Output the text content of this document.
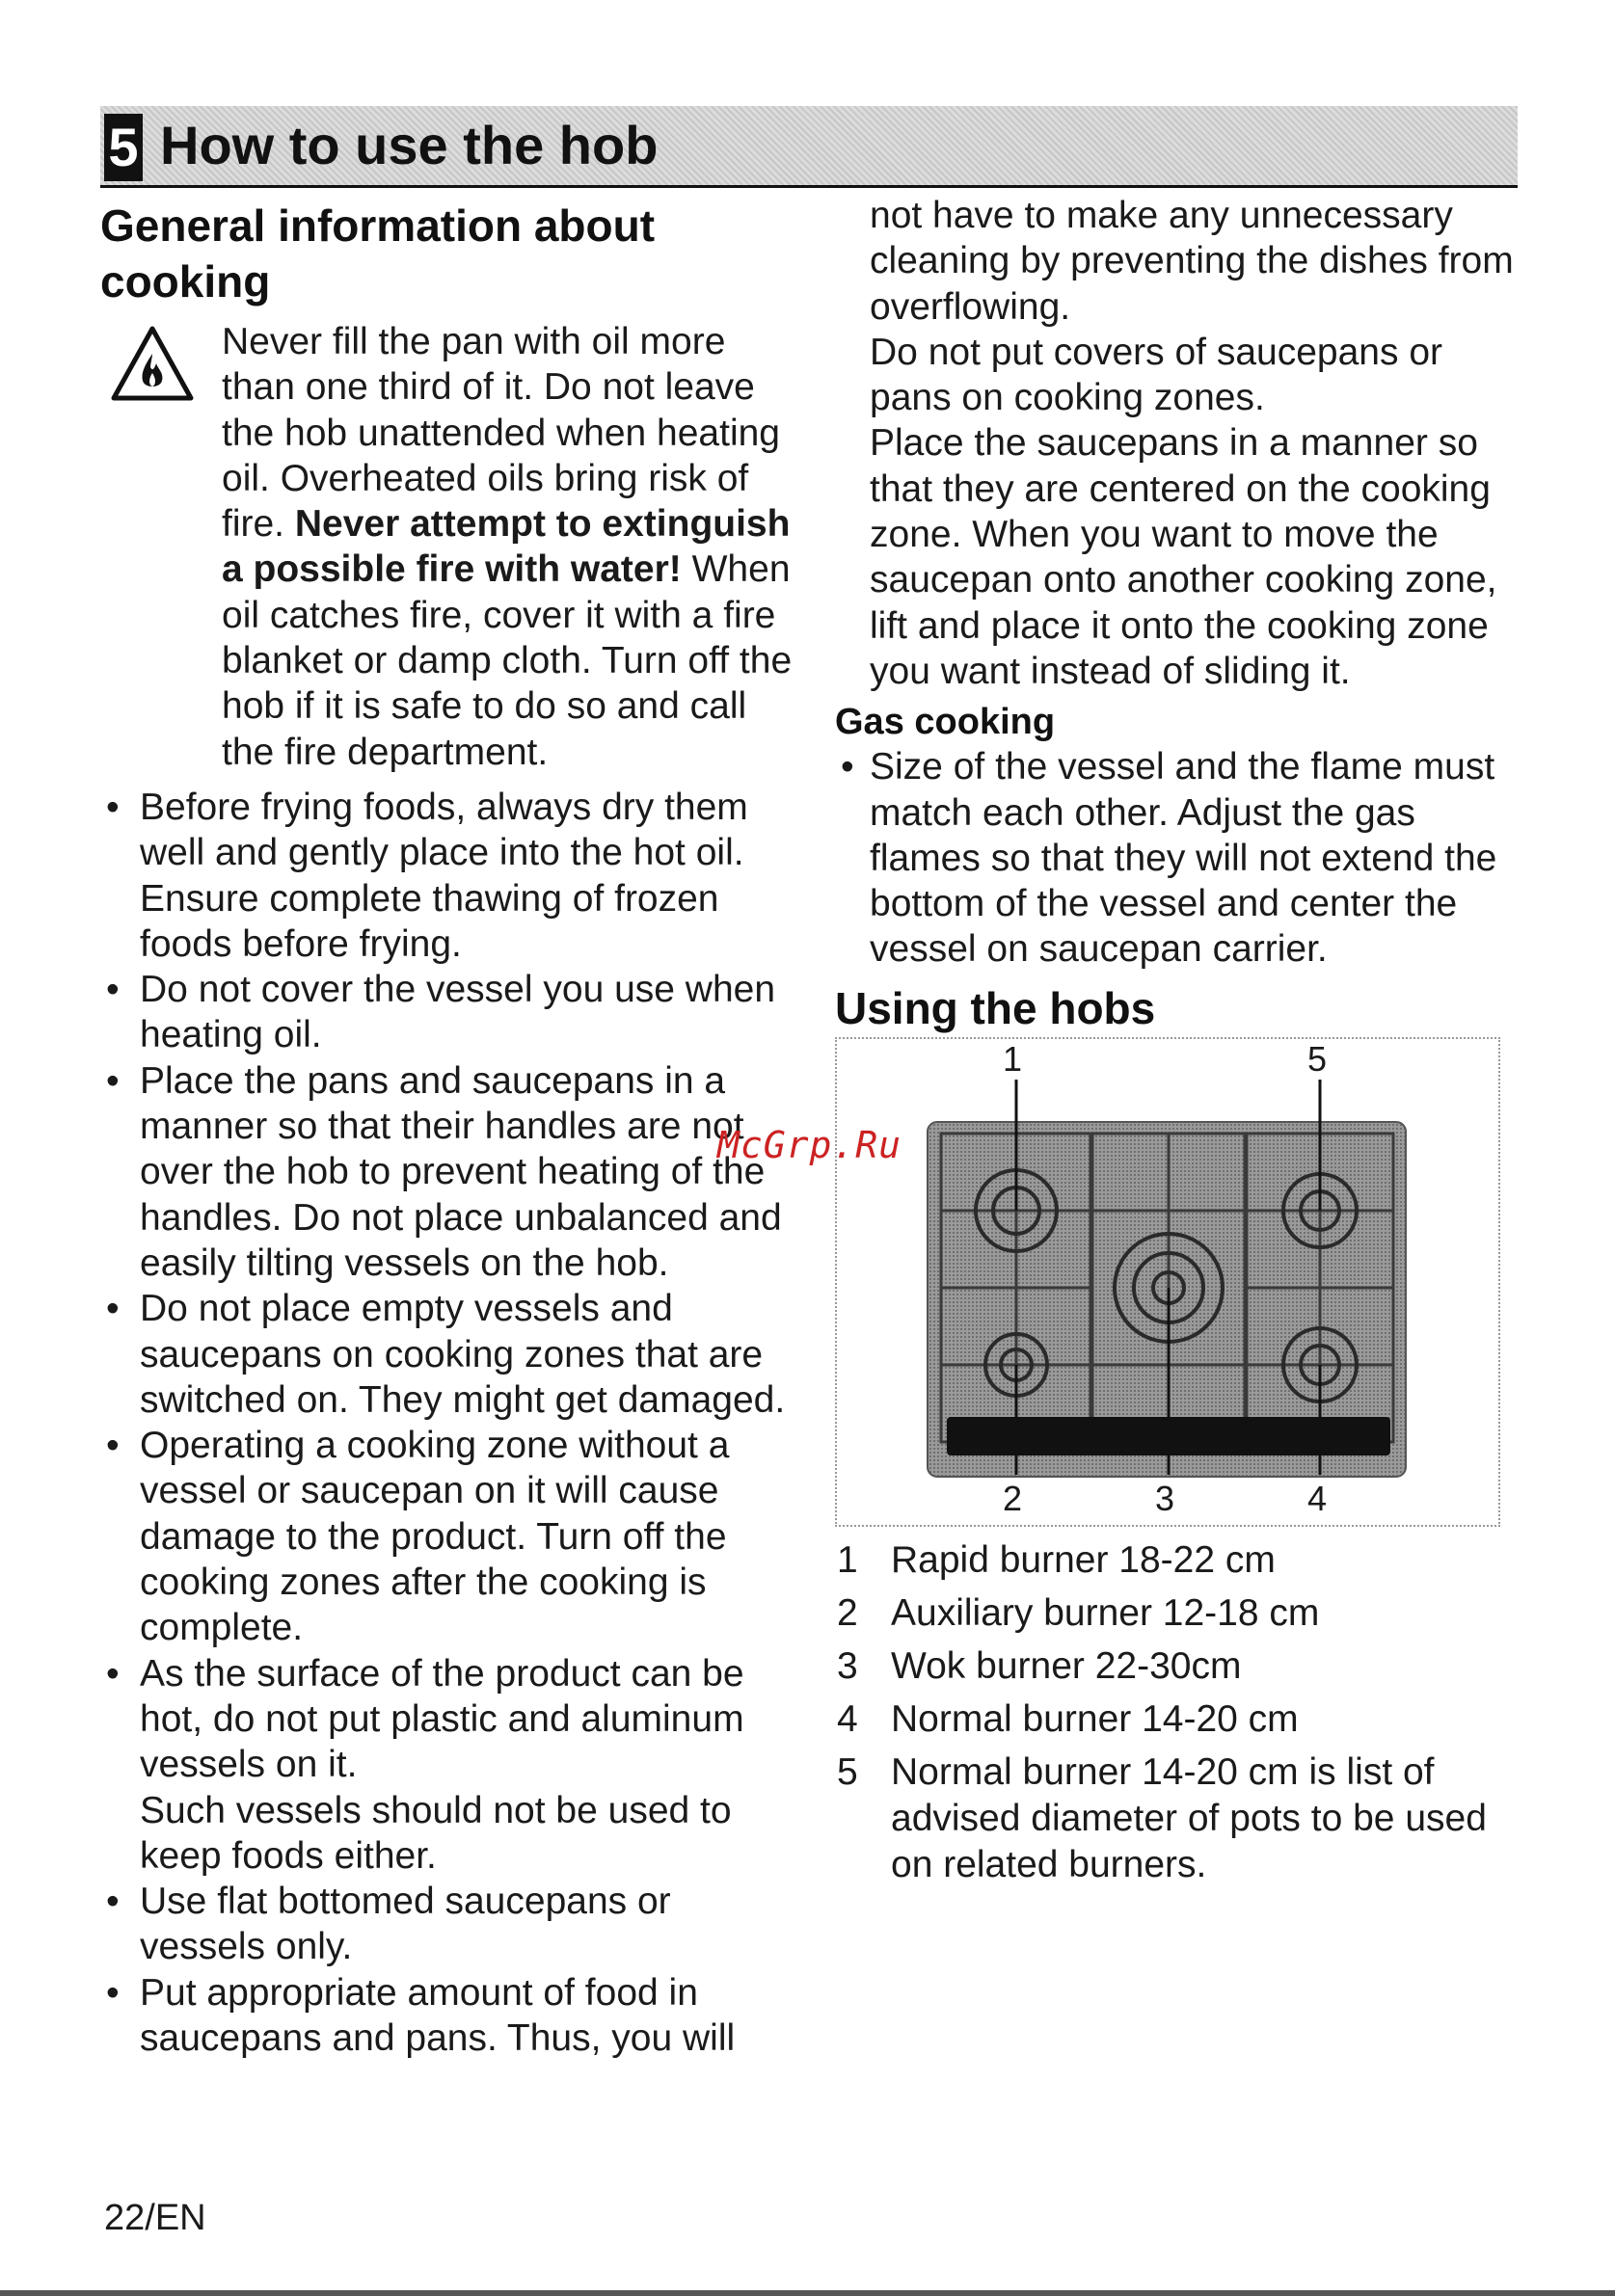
5 How to use the hob
General information about cooking
Never fill the pan with oil more than one third of it. Do not leave the hob unattended when heating oil. Overheated oils bring risk of fire. Never attempt to extinguish a possible fire with water! When oil catches fire, cover it with a fire blanket or damp cloth. Turn off the hob if it is safe to do so and call the fire department.
• Before frying foods, always dry them well and gently place into the hot oil. Ensure complete thawing of frozen foods before frying.
• Do not cover the vessel you use when heating oil.
• Place the pans and saucepans in a manner so that their handles are not over the hob to prevent heating of the handles. Do not place unbalanced and easily tilting vessels on the hob.
• Do not place empty vessels and saucepans on cooking zones that are switched on. They might get damaged.
• Operating a cooking zone without a vessel or saucepan on it will cause damage to the product. Turn off the cooking zones after the cooking is complete.
• As the surface of the product can be hot, do not put plastic and aluminum vessels on it.
Such vessels should not be used to keep foods either.
• Use flat bottomed saucepans or vessels only.
• Put appropriate amount of food in saucepans and pans. Thus, you will

not have to make any unnecessary cleaning by preventing the dishes from overflowing.

Do not put covers of saucepans or pans on cooking zones.

Place the saucepans in a manner so that they are centered on the cooking zone. When you want to move the saucepan onto another cooking zone, lift and place it onto the cooking zone you want instead of sliding it.

Gas cooking
• Size of the vessel and the flame must match each other. Adjust the gas flames so that they will not extend the bottom of the vessel and center the vessel on saucepan carrier.
Using the hobs
1	5
2	3	4
McGrp.Ru
1 Rapid burner 18-22 cm
2 Auxiliary burner 12-18 cm
3 Wok burner 22-30cm
4 Normal burner 14-20 cm
5 Normal burner 14-20 cm is list of advised diameter of pots to be used on related burners.
22/EN
